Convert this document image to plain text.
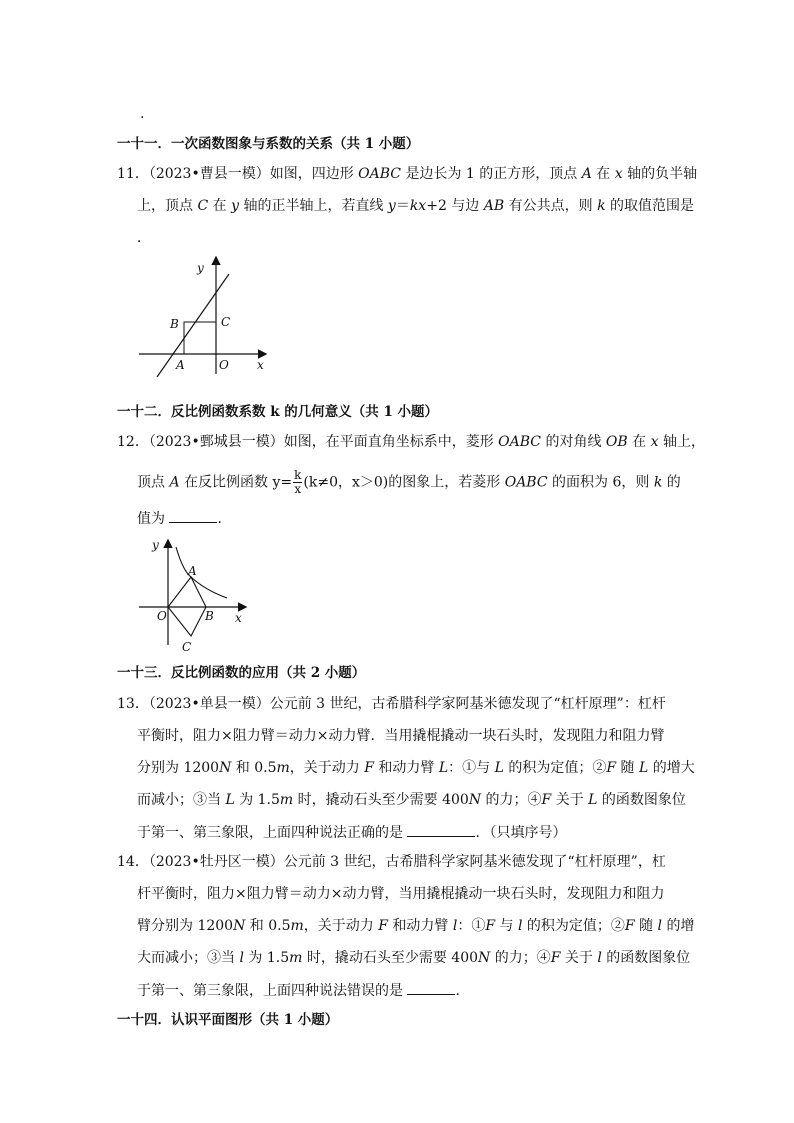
.
一十一．一次函数图象与系数的关系（共 1 小题）
11．（2023•曹县一模）如图，四边形 OABC 是边长为 1 的正方形，顶点 A 在 x 轴的负半轴
上，顶点 C 在 y 轴的正半轴上，若直线 y＝kx+2 与边 AB 有公共点，则 k 的取值范围是
．
y
x
B	C
A	O
一十二．反比例函数系数 k 的几何意义（共 1 小题）
12．（2023•鄄城县一模）如图，在平面直角坐标系中，菱形 OABC 的对角线 OB 在 x 轴上，
顶点 A 在反比例函数 $y= \frac{k}{x} (k\ne 0$，x＞0)的图象上，若菱形 OABC 的面积为 6，则 k 的
值为	．
y
x
A
B
C
O
一十三．反比例函数的应用（共 2 小题）
13．（2023•单县一模）公元前 3 世纪，古希腊科学家阿基米德发现了“杠杆原理”：杠杆
平衡时，阻力×阻力臂＝动力×动力臂．当用撬棍撬动一块石头时，发现阻力和阻力臂
分别为 1200N 和 0.5m，关于动力 F 和动力臂 L：①与 L 的积为定值；②F 随 L 的增大
而减小；③当 L 为 1.5m 时，撬动石头至少需要 400N 的力；④F 关于 L 的函数图象位
于第一、第三象限，上面四种说法正确的是	．（只填序号）
14．（2023•牡丹区一模）公元前 3 世纪，古希腊科学家阿基米德发现了“杠杆原理”，杠
杆平衡时，阻力×阻力臂＝动力×动力臂，当用撬棍撬动一块石头时，发现阻力和阻力
臂分别为 1200N 和 0.5m，关于动力 F 和动力臂 l：①F 与 l 的积为定值；②F 随 l 的增
大而减小；③当 l 为 1.5m 时，撬动石头至少需要 400N 的力；④F 关于 l 的函数图象位
于第一、第三象限，上面四种说法错误的是	．
一十四．认识平面图形（共 1 小题）
